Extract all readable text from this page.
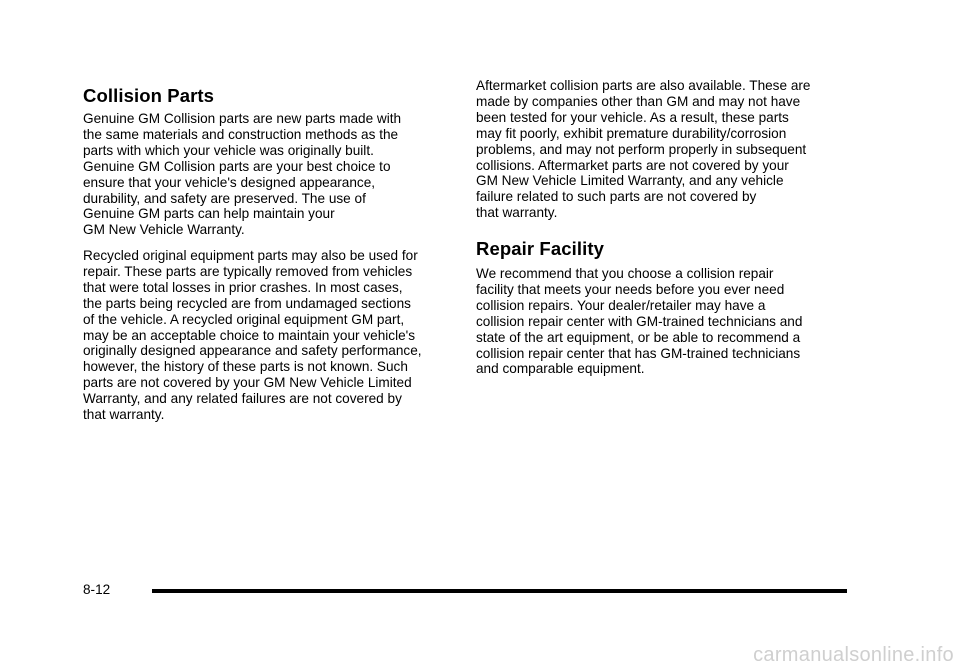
Collision Parts

Genuine GM Collision parts are new parts made with
the same materials and construction methods as the
parts with which your vehicle was originally built.
Genuine GM Collision parts are your best choice to
ensure that your vehicle's designed appearance,
durability, and safety are preserved. The use of
Genuine GM parts can help maintain your
GM New Vehicle Warranty.

Recycled original equipment parts may also be used for
repair. These parts are typically removed from vehicles
that were total losses in prior crashes. In most cases,
the parts being recycled are from undamaged sections
of the vehicle. A recycled original equipment GM part,
may be an acceptable choice to maintain your vehicle's
originally designed appearance and safety performance,
however, the history of these parts is not known. Such
parts are not covered by your GM New Vehicle Limited
Warranty, and any related failures are not covered by
that warranty.

Aftermarket collision parts are also available. These are
made by companies other than GM and may not have
been tested for your vehicle. As a result, these parts
may fit poorly, exhibit premature durability/corrosion
problems, and may not perform properly in subsequent
collisions. Aftermarket parts are not covered by your
GM New Vehicle Limited Warranty, and any vehicle
failure related to such parts are not covered by
that warranty.

Repair Facility

We recommend that you choose a collision repair
facility that meets your needs before you ever need
collision repairs. Your dealer/retailer may have a
collision repair center with GM-trained technicians and
state of the art equipment, or be able to recommend a
collision repair center that has GM-trained technicians
and comparable equipment.

8-12
carmanualsonline.info
